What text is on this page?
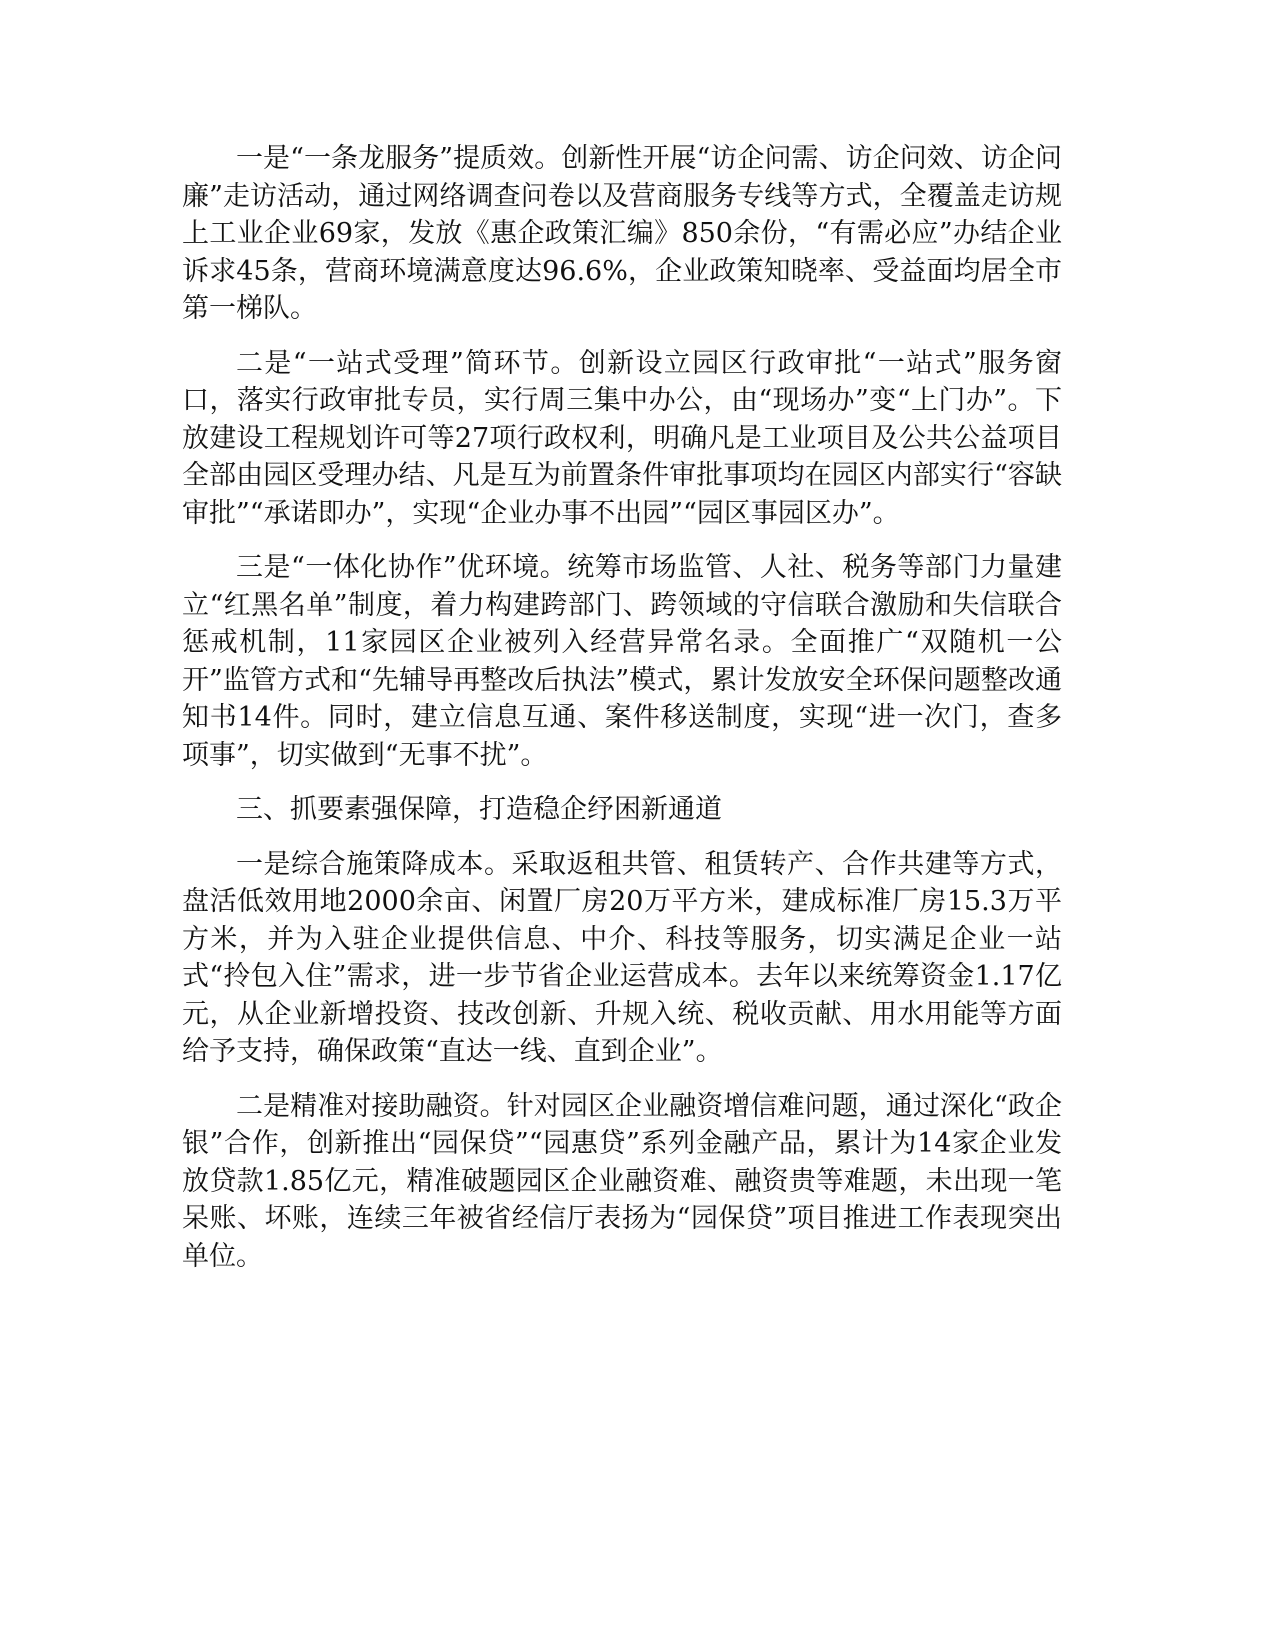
一是“一条龙服务”提质效。创新性开展“访企问需、访企问效、访企问廉”走访活动，通过网络调查问卷以及营商服务专线等方式，全覆盖走访规上工业企业69家，发放《惠企政策汇编》850余份，“有需必应”办结企业诉求45条，营商环境满意度达96.6%，企业政策知晓率、受益面均居全市第一梯队。

二是“一站式受理”简环节。创新设立园区行政审批“一站式”服务窗口，落实行政审批专员，实行周三集中办公，由“现场办”变“上门办”。下放建设工程规划许可等27项行政权利，明确凡是工业项目及公共公益项目全部由园区受理办结、凡是互为前置条件审批事项均在园区内部实行“容缺审批”“承诺即办”，实现“企业办事不出园”“园区事园区办”。

三是“一体化协作”优环境。统筹市场监管、人社、税务等部门力量建立“红黑名单”制度，着力构建跨部门、跨领域的守信联合激励和失信联合惩戒机制，11家园区企业被列入经营异常名录。全面推广“双随机一公开”监管方式和“先辅导再整改后执法”模式，累计发放安全环保问题整改通知书14件。同时，建立信息互通、案件移送制度，实现“进一次门，查多项事”，切实做到“无事不扰”。

三、抓要素强保障，打造稳企纾困新通道

一是综合施策降成本。采取返租共管、租赁转产、合作共建等方式，盘活低效用地2000余亩、闲置厂房20万平方米，建成标准厂房15.3万平方米，并为入驻企业提供信息、中介、科技等服务，切实满足企业一站式“拎包入住”需求，进一步节省企业运营成本。去年以来统筹资金1.17亿元，从企业新增投资、技改创新、升规入统、税收贡献、用水用能等方面给予支持，确保政策“直达一线、直到企业”。

二是精准对接助融资。针对园区企业融资增信难问题，通过深化“政企银”合作，创新推出“园保贷”“园惠贷”系列金融产品，累计为14家企业发放贷款1.85亿元，精准破题园区企业融资难、融资贵等难题，未出现一笔呆账、坏账，连续三年被省经信厅表扬为“园保贷”项目推进工作表现突出单位。
